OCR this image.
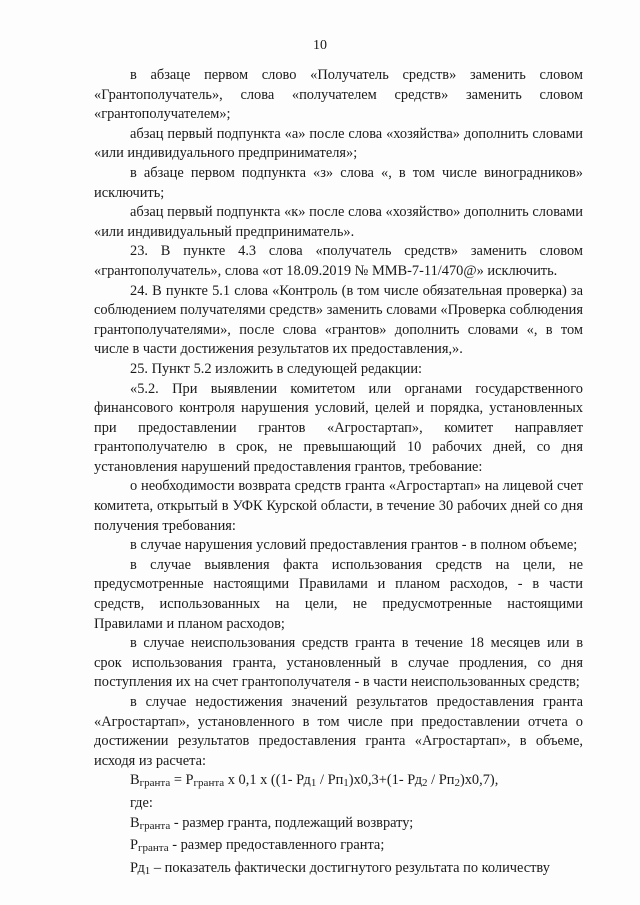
10

в абзаце первом слово «Получатель средств» заменить словом «Грантополучатель», слова «получателем средств» заменить словом «грантополучателем»;

абзац первый подпункта «а» после слова «хозяйства» дополнить словами «или индивидуального предпринимателя»;

в абзаце первом подпункта «з» слова «, в том числе виноградников» исключить;

абзац первый подпункта «к» после слова «хозяйство» дополнить словами «или индивидуальный предприниматель».

23. В пункте 4.3 слова «получатель средств» заменить словом «грантополучатель», слова «от 18.09.2019 № ММВ-7-11/470@» исключить.

24. В пункте 5.1 слова «Контроль (в том числе обязательная проверка) за соблюдением получателями средств» заменить словами «Проверка соблюдения грантополучателями», после слова «грантов» дополнить словами «, в том числе в части достижения результатов их предоставления,».

25. Пункт 5.2 изложить в следующей редакции:

«5.2. При выявлении комитетом или органами государственного финансового контроля нарушения условий, целей и порядка, установленных при предоставлении грантов «Агростартап», комитет направляет грантополучателю в срок, не превышающий 10 рабочих дней, со дня установления нарушений предоставления грантов, требование:

о необходимости возврата средств гранта «Агростартап» на лицевой счет комитета, открытый в УФК Курской области, в течение 30 рабочих дней со дня получения требования:

в случае нарушения условий предоставления грантов - в полном объеме;

в случае выявления факта использования средств на цели, не предусмотренные настоящими Правилами и планом расходов, - в части средств, использованных на цели, не предусмотренные настоящими Правилами и планом расходов;

в случае неиспользования средств гранта в течение 18 месяцев или в срок использования гранта, установленный в случае продления, со дня поступления их на счет грантополучателя - в части неиспользованных средств;

в случае недостижения значений результатов предоставления гранта «Агростартап», установленного в том числе при предоставлении отчета о достижении результатов предоставления гранта «Агростартап», в объеме, исходя из расчета:

Вгранта = Ргранта х 0,1 х ((1- Рд1 / Рп1)х0,3+(1- Рд2 / Рп2)х0,7),

где:

Вгранта - размер гранта, подлежащий возврату;

Ргранта - размер предоставленного гранта;

Рд1 – показатель фактически достигнутого результата по количеству
